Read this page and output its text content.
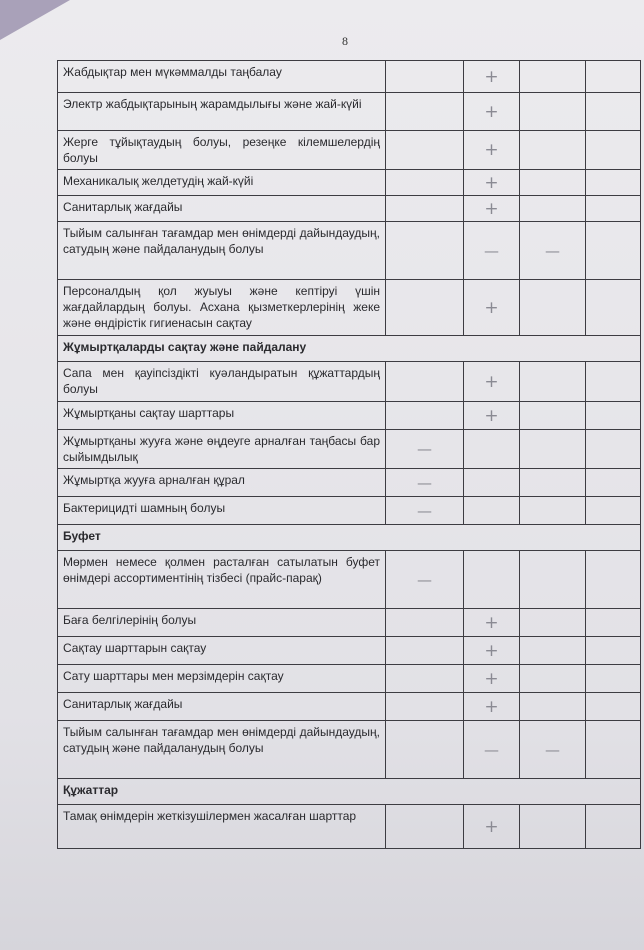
8
Жабдықтар мен мүкәммалды таңбалау		+		
Электр жабдықтарының жарамдылығы және жай-күйі		+		
Жерге тұйықтаудың болуы, резеңке кілемшелердің болуы		+		
Механикалық желдетудің жай-күйі		+		
Санитарлық жағдайы		+		
Тыйым салынған тағамдар мен өнімдерді дайындаудың, сатудың және пайдаланудың болуы		—	—	
Персоналдың қол жуыуы және кептіруі үшін жағдайлардың болуы. Асхана қызметкерлерінің жеке және өндірістік гигиенасын сақтау		+		
Жұмыртқаларды сақтау және пайдалану				
Сапа мен қауіпсіздікті куәландыратын құжаттардың болуы		+		
Жұмыртқаны сақтау шарттары		+		
Жұмыртқаны жууға және өңдеуге арналған таңбасы бар сыйымдылық	—			
Жұмыртқа жууға арналған құрал	—			
Бактерицидті шамның болуы	—			
Буфет				
Мөрмен немесе қолмен расталған сатылатын буфет өнімдері ассортиментінің тізбесі (прайс-парақ)	—			
Баға белгілерінің болуы		+		
Сақтау шарттарын сақтау		+		
Сату шарттары мен мерзімдерін сақтау		+		
Санитарлық жағдайы		+		
Тыйым салынған тағамдар мен өнімдерді дайындаудың, сатудың және пайдаланудың болуы		—	—	
Құжаттар				
Тамақ өнімдерін жеткізушілермен жасалған шарттар		+		
